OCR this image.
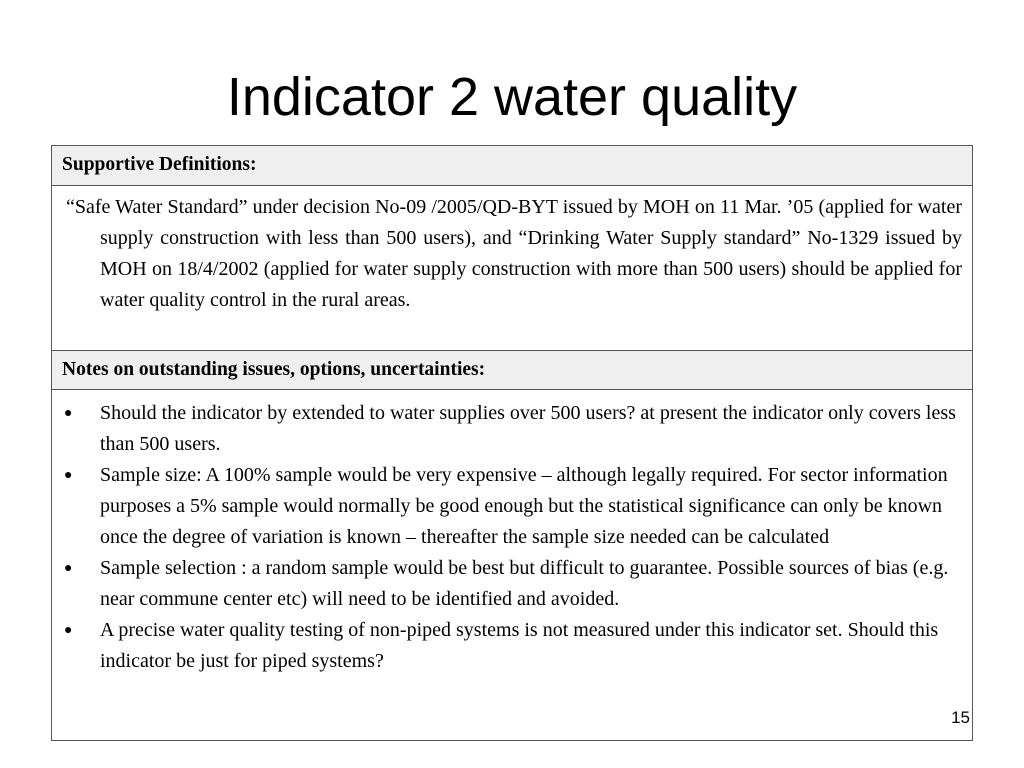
Indicator 2 water quality
Supportive Definitions:
“Safe Water Standard” under decision No-09 /2005/QD-BYT issued by MOH on 11 Mar. ’05 (applied for water supply construction with less than 500 users), and “Drinking Water Supply standard” No-1329 issued by MOH on 18/4/2002 (applied for water supply construction with more than 500 users) should be applied for water quality control in the rural areas.
Notes on outstanding issues, options, uncertainties:
●	Should the indicator by extended to water supplies over 500 users? at present the indicator only covers less than 500 users.
●	Sample size: A 100% sample would be very expensive – although legally required. For sector information purposes a 5% sample would normally be good enough but the statistical significance can only be known once the degree of variation is known – thereafter the sample size needed can be calculated
●	Sample selection : a random sample would be best but difficult to guarantee. Possible sources of bias (e.g. near commune center etc) will need to be identified and avoided.
●	A precise water quality testing of non-piped systems is not measured under this indicator set. Should this indicator be just for piped systems?
15
